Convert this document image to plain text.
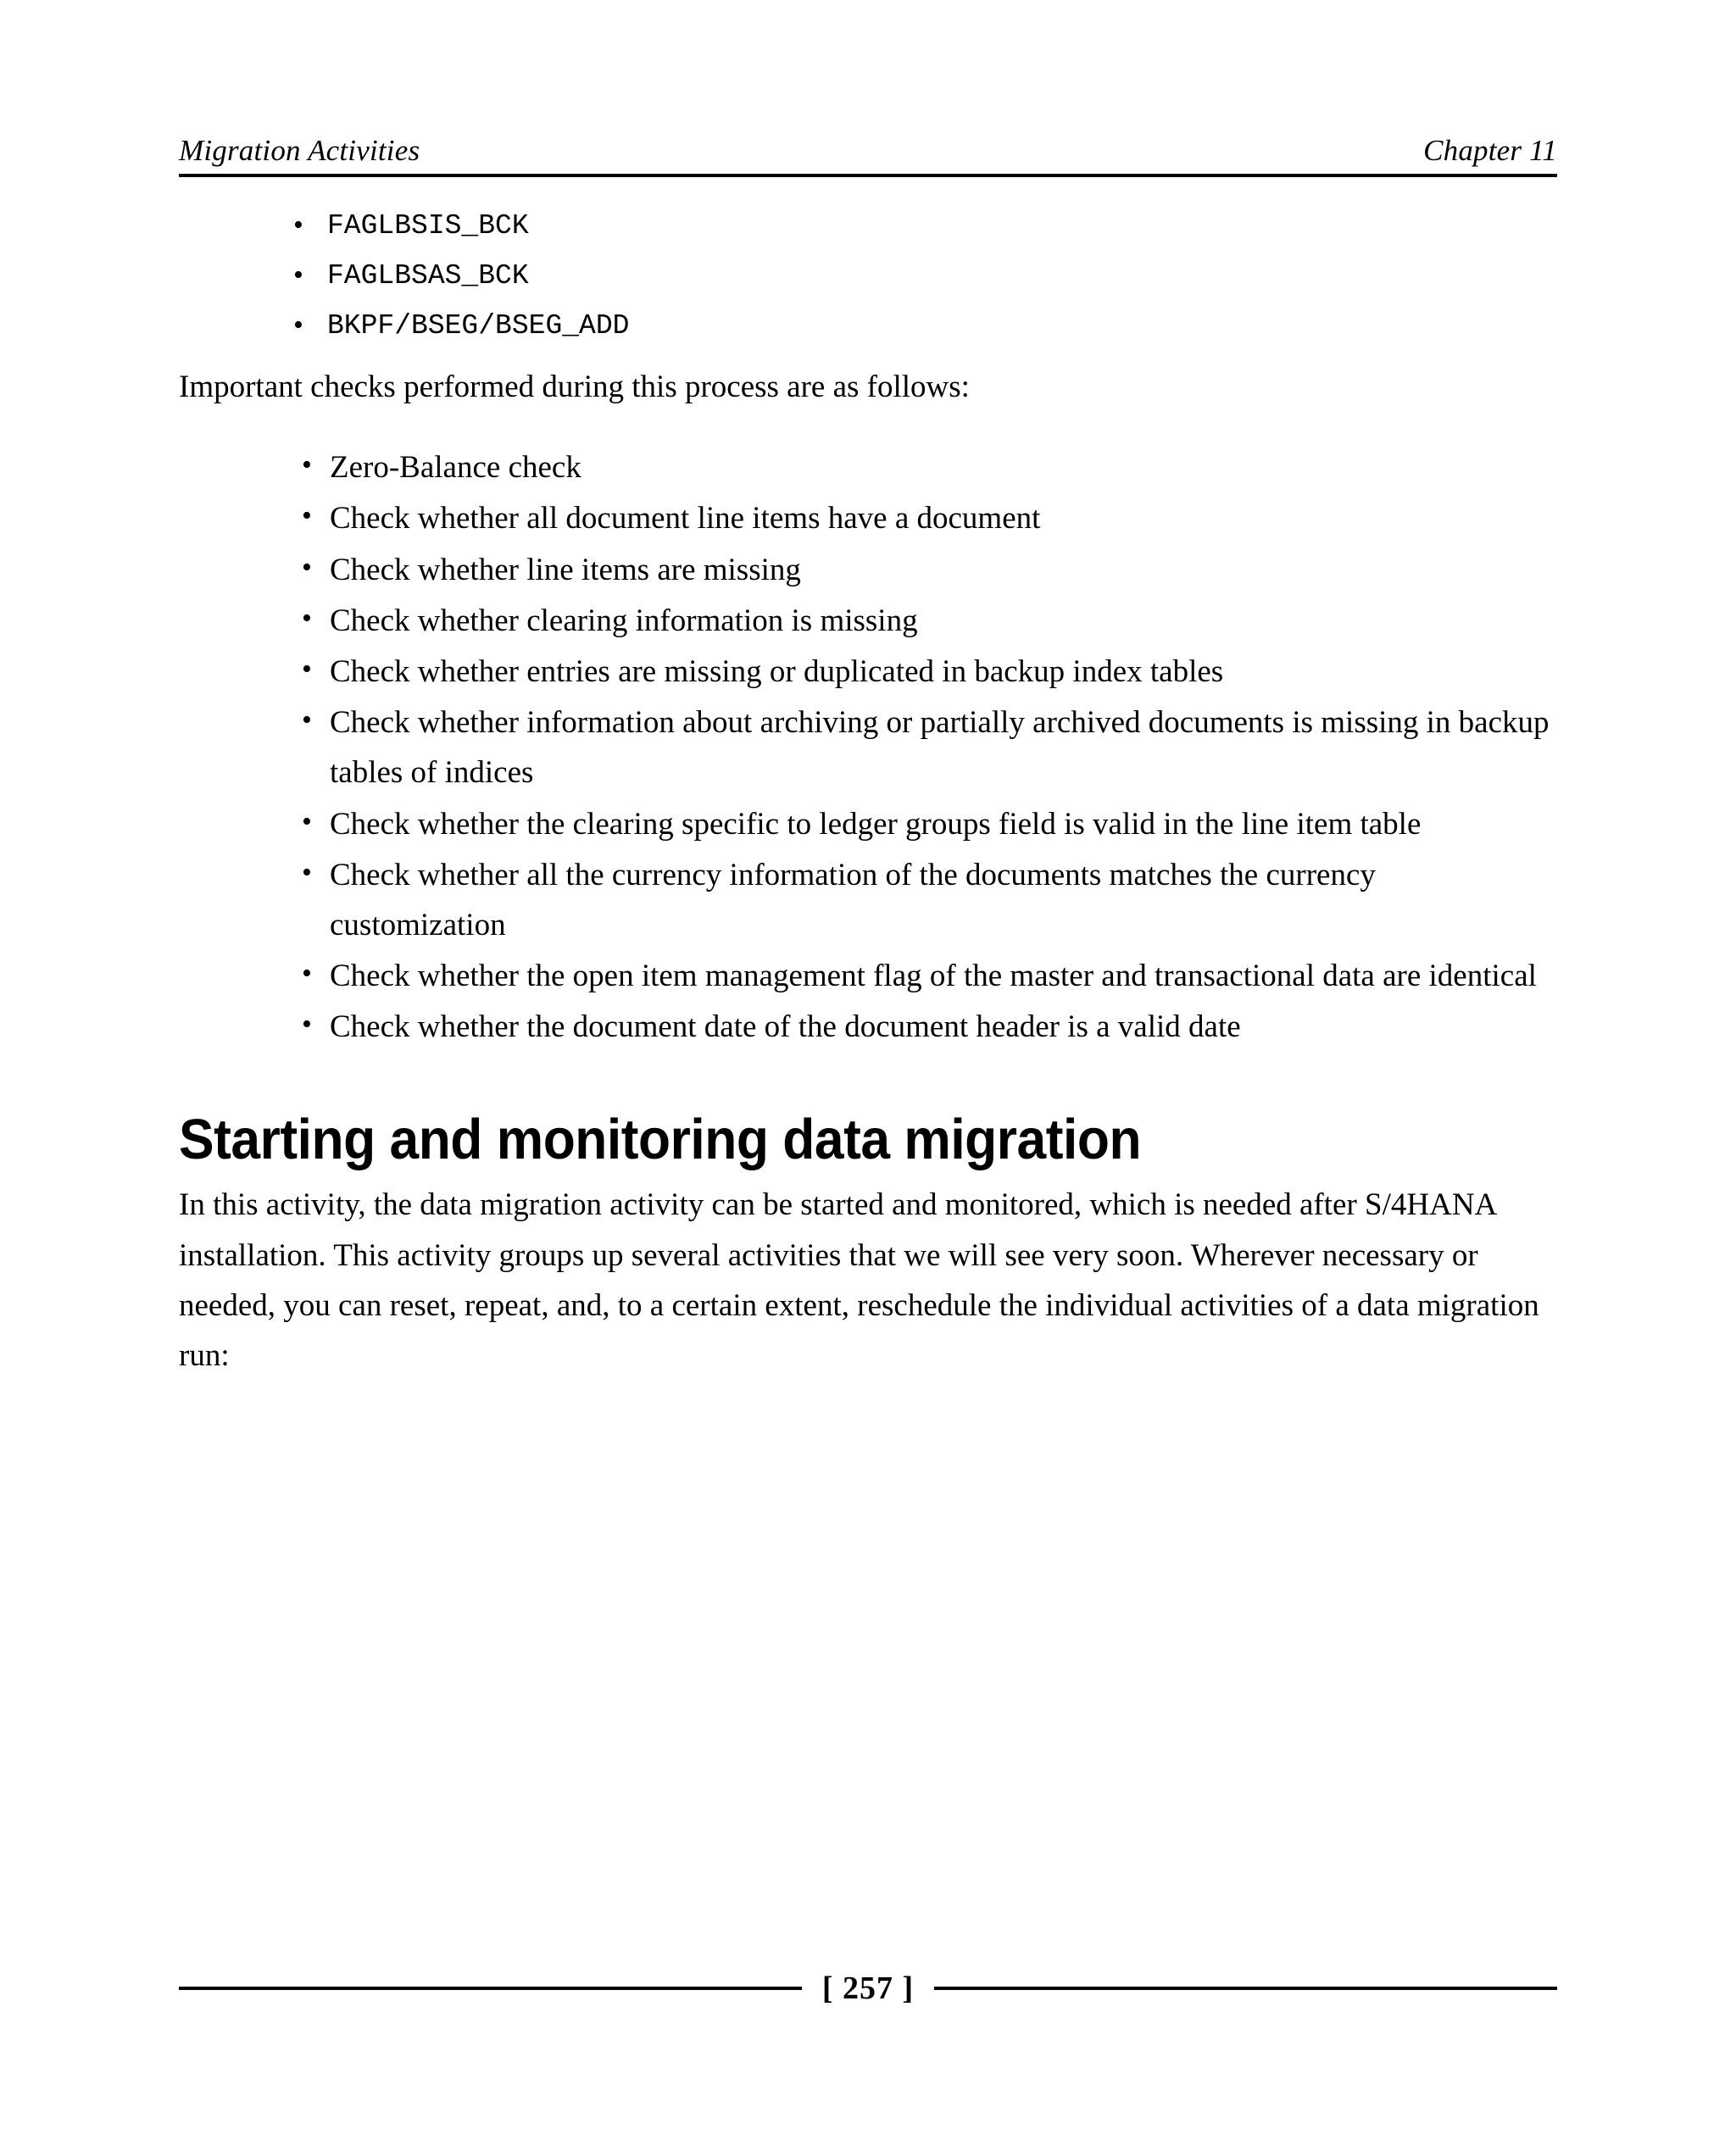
Migration Activities	Chapter 11
• FAGLBSIS_BCK
• FAGLBSAS_BCK
• BKPF/BSEG/BSEG_ADD

Important checks performed during this process are as follows:

• Zero-Balance check
• Check whether all document line items have a document
• Check whether line items are missing
• Check whether clearing information is missing
• Check whether entries are missing or duplicated in backup index tables
• Check whether information about archiving or partially archived documents is missing in backup tables of indices
• Check whether the clearing specific to ledger groups field is valid in the line item table
• Check whether all the currency information of the documents matches the currency customization
• Check whether the open item management flag of the master and transactional data are identical
• Check whether the document date of the document header is a valid date
Starting and monitoring data migration

In this activity, the data migration activity can be started and monitored, which is needed after S/4HANA installation. This activity groups up several activities that we will see very soon. Wherever necessary or needed, you can reset, repeat, and, to a certain extent, reschedule the individual activities of a data migration run:

[ 257 ]
